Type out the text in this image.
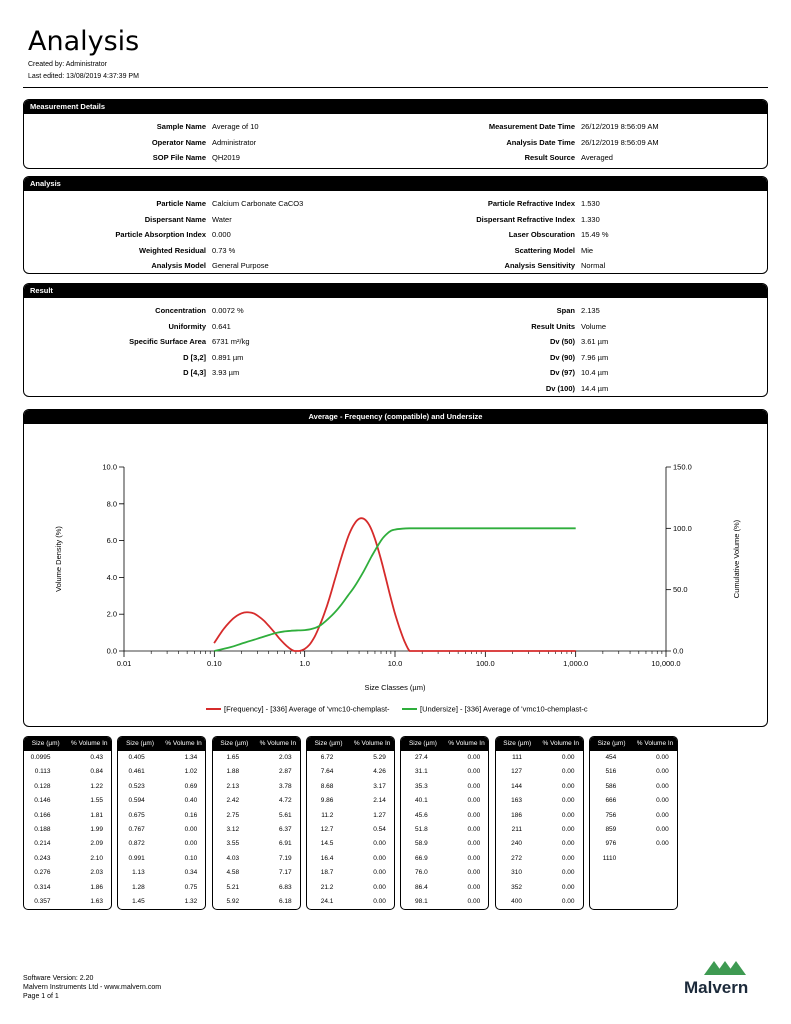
Analysis
Created by: Administrator
Last edited: 13/08/2019 4:37:39 PM
Measurement Details
Sample Name Average of 10
Operator Name Administrator
SOP File Name QH2019
Measurement Date Time 26/12/2019 8:56:09 AM
Analysis Date Time 26/12/2019 8:56:09 AM
Result Source Averaged
Analysis
Particle Name Calcium Carbonate CaCO3
Dispersant Name Water
Particle Absorption Index 0.000
Weighted Residual 0.73 %
Analysis Model General Purpose
Particle Refractive Index 1.530
Dispersant Refractive Index 1.330
Laser Obscuration 15.49 %
Scattering Model Mie
Analysis Sensitivity Normal
Result
Concentration 0.0072 %
Uniformity 0.641
Specific Surface Area 6731 m²/kg
D [3,2] 0.891 µm
D [4,3] 3.93 µm
Span 2.135
Result Units Volume
Dv (50) 3.61 µm
Dv (90) 7.96 µm
Dv (97) 10.4 µm
Dv (100) 14.4 µm
Average - Frequency (compatible) and Undersize
0.0
2.0
4.0
6.0
8.0
10.0
0.0
50.0
100.0
150.0
0.01	0.10	1.0	10.0	100.0	1,000.0	10,000.0
Size Classes (µm)
Volume Density (%)	Cumulative Volume (%)
[Frequency] - [336] Average of 'vmc10-chemplast-	[Undersize] - [336] Average of 'vmc10-chemplast-c
Size (µm)	% Volume In
0.0995	0.43
0.113	0.84
0.128	1.22
0.146	1.55
0.166	1.81
0.188	1.99
0.214	2.09
0.243	2.10
0.276	2.03
0.314	1.86
0.357	1.63
Size (µm)	% Volume In
0.405	1.34
0.461	1.02
0.523	0.69
0.594	0.40
0.675	0.16
0.767	0.00
0.872	0.00
0.991	0.10
1.13	0.34
1.28	0.75
1.45	1.32
Size (µm)	% Volume In
1.65	2.03
1.88	2.87
2.13	3.78
2.42	4.72
2.75	5.61
3.12	6.37
3.55	6.91
4.03	7.19
4.58	7.17
5.21	6.83
5.92	6.18
Size (µm)	% Volume In
6.72	5.29
7.64	4.26
8.68	3.17
9.86	2.14
11.2	1.27
12.7	0.54
14.5	0.00
16.4	0.00
18.7	0.00
21.2	0.00
24.1	0.00
Size (µm)	% Volume In
27.4	0.00
31.1	0.00
35.3	0.00
40.1	0.00
45.6	0.00
51.8	0.00
58.9	0.00
66.9	0.00
76.0	0.00
86.4	0.00
98.1	0.00
Size (µm)	% Volume In
111	0.00
127	0.00
144	0.00
163	0.00
186	0.00
211	0.00
240	0.00
272	0.00
310	0.00
352	0.00
400	0.00
Size (µm)	% Volume In
454	0.00
516	0.00
586	0.00
666	0.00
756	0.00
859	0.00
976	0.00
1110
Software Version: 2.20
Malvern Instruments Ltd - www.malvern.com
Page 1 of 1	Malvern
